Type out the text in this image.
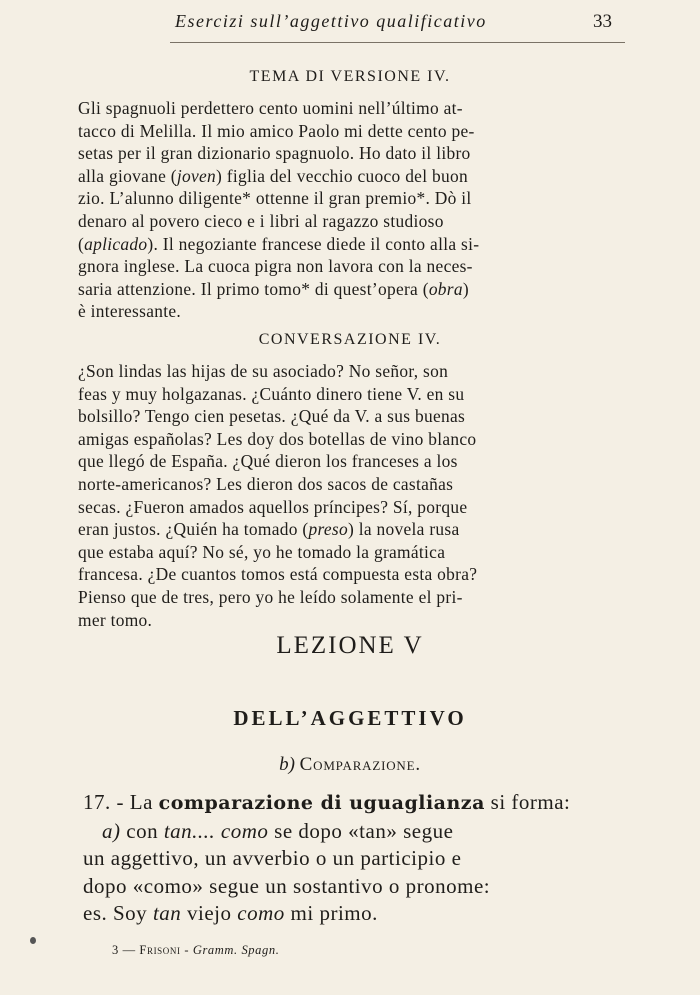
Esercizi sull’aggettivo qualificativo	33
TEMA DI VERSIONE IV.

Gli spagnuoli perdettero cento uomini nell’último at-

tacco di Melilla. Il mio amico Paolo mi dette cento pe-

setas per il gran dizionario spagnuolo. Ho dato il libro

alla giovane (joven) figlia del vecchio cuoco del buon

zio. L’alunno diligente* ottenne il gran premio*. Dò il

denaro al povero cieco e i libri al ragazzo studioso

(aplicado). Il negoziante francese diede il conto alla si-

gnora inglese. La cuoca pigra non lavora con la neces-

saria attenzione. Il primo tomo* di quest’opera (obra)

è interessante.

CONVERSAZIONE IV.

¿Son lindas las hijas de su asociado? No señor, son

feas y muy holgazanas. ¿Cuánto dinero tiene V. en su

bolsillo? Tengo cien pesetas. ¿Qué da V. a sus buenas

amigas españolas? Les doy dos botellas de vino blanco

que llegó de España. ¿Qué dieron los franceses a los

norte-americanos? Les dieron dos sacos de castañas

secas. ¿Fueron amados aquellos príncipes? Sí, porque

eran justos. ¿Quién ha tomado (preso) la novela rusa

que estaba aquí? No sé, yo he tomado la gramática

francesa. ¿De cuantos tomos está compuesta esta obra?

Pienso que de tres, pero yo he leído solamente el pri-

mer tomo.

LEZIONE V
DELL’AGGETTIVO
b) Comparazione.

17. - La comparazione di uguaglianza si forma:

a) con tan.... como se dopo «tan» segue

un aggettivo, un avverbio o un participio e

dopo «como» segue un sostantivo o pronome:

es. Soy tan viejo como mi primo.

3 — Frisoni - Gramm. Spagn.
